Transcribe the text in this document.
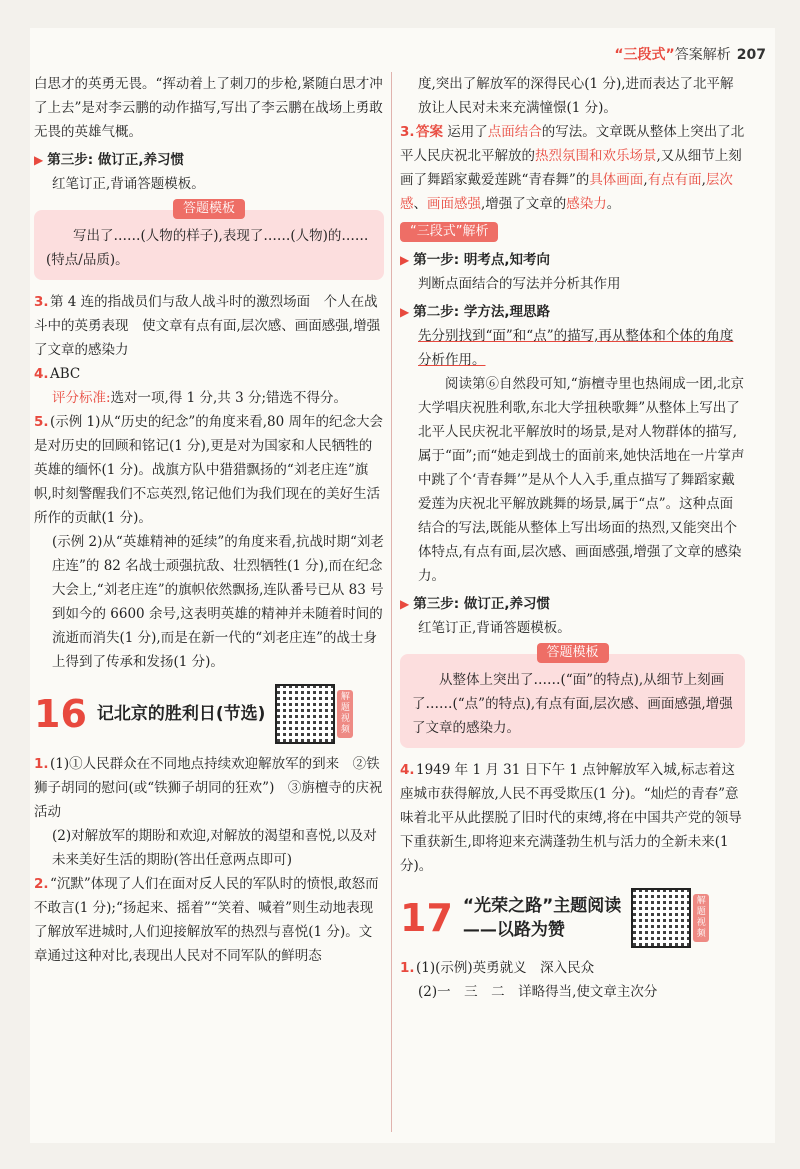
“三段式”答案解析 207

白思才的英勇无畏。“挥动着上了刺刀的步枪,紧随白思才冲了上去”是对李云鹏的动作描写,写出了李云鹏在战场上勇敢无畏的英雄气概。

▶ 第三步: 做订正,养习惯

红笔订正,背诵答题模板。

答题模板

写出了……(人物的样子),表现了……(人物)的……(特点/品质)。

3.第 4 连的指战员们与敌人战斗时的激烈场面　个人在战斗中的英勇表现　使文章有点有面,层次感、画面感强,增强了文章的感染力

4.ABC

评分标准:选对一项,得 1 分,共 3 分;错选不得分。

5.(示例 1)从“历史的纪念”的角度来看,80 周年的纪念大会是对历史的回顾和铭记(1 分),更是对为国家和人民牺牲的英雄的缅怀(1 分)。战旗方队中猎猎飘扬的“刘老庄连”旗帜,时刻警醒我们不忘英烈,铭记他们为我们现在的美好生活所作的贡献(1 分)。

(示例 2)从“英雄精神的延续”的角度来看,抗战时期“刘老庄连”的 82 名战士顽强抗敌、壮烈牺牲(1 分),而在纪念大会上,“刘老庄连”的旗帜依然飘扬,连队番号已从 83 号到如今的 6600 余号,这表明英雄的精神并未随着时间的流逝而消失(1 分),而是在新一代的“刘老庄连”的战士身上得到了传承和发扬(1 分)。

16 记北京的胜利日(节选)
解题视频

1.(1)①人民群众在不同地点持续欢迎解放军的到来　②铁狮子胡同的慰问(或“铁狮子胡同的狂欢”)　③旃檀寺的庆祝活动

(2)对解放军的期盼和欢迎,对解放的渴望和喜悦,以及对未来美好生活的期盼(答出任意两点即可)

2.“沉默”体现了人们在面对反人民的军队时的愤恨,敢怒而不敢言(1 分);“扬起来、摇着”“笑着、喊着”则生动地表现了解放军进城时,人们迎接解放军的热烈与喜悦(1 分)。文章通过这种对比,表现出人民对不同军队的鲜明态

度,突出了解放军的深得民心(1 分),进而表达了北平解放让人民对未来充满憧憬(1 分)。

3.答案 运用了点面结合的写法。文章既从整体上突出了北平人民庆祝北平解放的热烈氛围和欢乐场景,又从细节上刻画了舞蹈家戴爱莲跳“青春舞”的具体画面,有点有面,层次感、画面感强,增强了文章的感染力。

“三段式”解析

▶ 第一步: 明考点,知考向

判断点面结合的写法并分析其作用

▶ 第二步: 学方法,理思路

先分别找到“面”和“点”的描写,再从整体和个体的角度分析作用。

阅读第⑥自然段可知,“旃檀寺里也热闹成一团,北京大学唱庆祝胜利歌,东北大学扭秧歌舞”从整体上写出了北平人民庆祝北平解放时的场景,是对人物群体的描写,属于“面”;而“她走到战士的面前来,她快活地在一片掌声中跳了个‘青春舞’”是从个人入手,重点描写了舞蹈家戴爱莲为庆祝北平解放跳舞的场景,属于“点”。这种点面结合的写法,既能从整体上写出场面的热烈,又能突出个体特点,有点有面,层次感、画面感强,增强了文章的感染力。

▶ 第三步: 做订正,养习惯

红笔订正,背诵答题模板。

答题模板

从整体上突出了……(“面”的特点),从细节上刻画了……(“点”的特点),有点有面,层次感、画面感强,增强了文章的感染力。

4.1949 年 1 月 31 日下午 1 点钟解放军入城,标志着这座城市获得解放,人民不再受欺压(1 分)。“灿烂的青春”意味着北平从此摆脱了旧时代的束缚,将在中国共产党的领导下重获新生,即将迎来充满蓬勃生机与活力的全新未来(1 分)。

17 “光荣之路”主题阅读
——以路为赞
解题视频

1.(1)(示例)英勇就义　深入民众

(2)一　三　二　详略得当,使文章主次分
